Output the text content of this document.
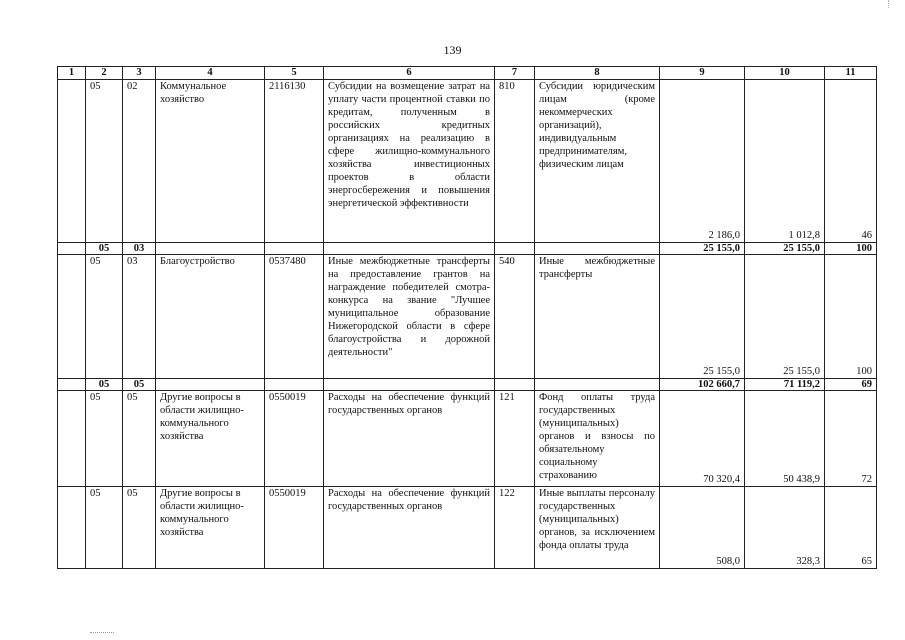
139
1	2	3	4	5	6	7	8	9	10	11
	05	02	Коммунальное хозяйство	2116130	Субсидии на возмещение затрат на уплату части процентной ставки по кредитам, полученным в российских кредитных организациях на реализацию в сфере жилищно-коммунального хозяйства инвестиционных проектов в области энергосбережения и повышения энергетической эффективности	810	Субсидии юридическим лицам (кроме некоммерческих организаций), индивидуальным предпринимателям, физическим лицам	2 186,0	1 012,8	46
	05	03						25 155,0	25 155,0	100
	05	03	Благоустройство	0537480	Иные межбюджетные трансферты на предоставление грантов на награждение победителей смотра-конкурса на звание "Лучшее муниципальное образование Нижегородской области в сфере благоустройства и дорожной деятельности"	540	Иные межбюджетные трансферты	25 155,0	25 155,0	100
	05	05						102 660,7	71 119,2	69
	05	05	Другие вопросы в области жилищно-коммунального хозяйства	0550019	Расходы на обеспечение функций государственных органов	121	Фонд оплаты труда государственных (муниципальных) органов и взносы по обязательному социальному страхованию	70 320,4	50 438,9	72
	05	05	Другие вопросы в области жилищно-коммунального хозяйства	0550019	Расходы на обеспечение функций государственных органов	122	Иные выплаты персоналу государственных (муниципальных) органов, за исключением фонда оплаты труда	508,0	328,3	65
